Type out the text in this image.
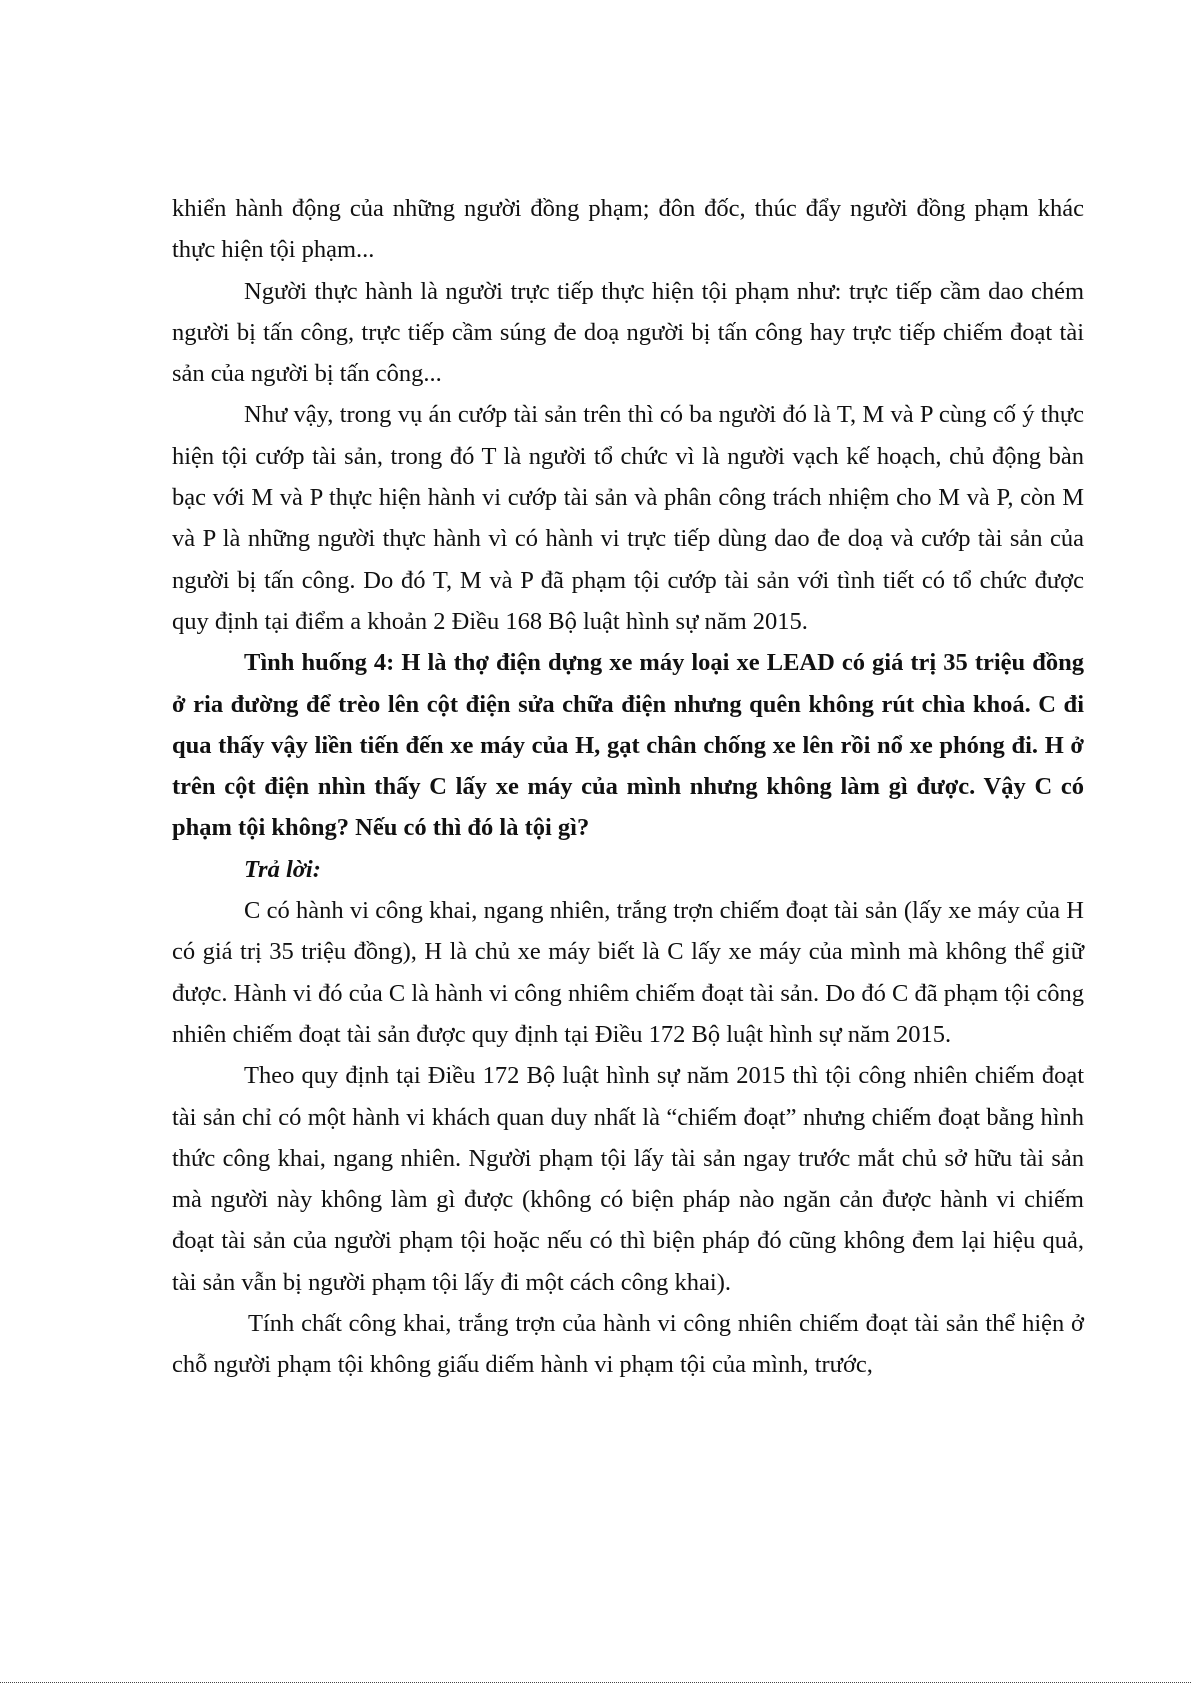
khiển hành động của những người đồng phạm; đôn đốc, thúc đẩy người đồng phạm khác thực hiện tội phạm...

Người thực hành là người trực tiếp thực hiện tội phạm như: trực tiếp cầm dao chém người bị tấn công, trực tiếp cầm súng đe doạ người bị tấn công hay trực tiếp chiếm đoạt tài sản của người bị tấn công...

Như vậy, trong vụ án cướp tài sản trên thì có ba người đó là T, M và P cùng cố ý thực hiện tội cướp tài sản, trong đó T là người tổ chức vì là người vạch kế hoạch, chủ động bàn bạc với M và P thực hiện hành vi cướp tài sản và phân công trách nhiệm cho M và P, còn M và P là những người thực hành vì có hành vi trực tiếp dùng dao đe doạ và cướp tài sản của người bị tấn công. Do đó T, M và P đã phạm tội cướp tài sản với tình tiết có tổ chức được quy định tại điểm a khoản 2 Điều 168 Bộ luật hình sự năm 2015.

Tình huống 4: H là thợ điện dựng xe máy loại xe LEAD có giá trị 35 triệu đồng ở ria đường để trèo lên cột điện sửa chữa điện nhưng quên không rút chìa khoá. C đi qua thấy vậy liền tiến đến xe máy của H, gạt chân chống xe lên rồi nổ xe phóng đi. H ở trên cột điện nhìn thấy C lấy xe máy của mình nhưng không làm gì được. Vậy C có phạm tội không? Nếu có thì đó là tội gì?

Trả lời:

C có hành vi công khai, ngang nhiên, trắng trợn chiếm đoạt tài sản (lấy xe máy của H có giá trị 35 triệu đồng), H là chủ xe máy biết là C lấy xe máy của mình mà không thể giữ được. Hành vi đó của C là hành vi công nhiêm chiếm đoạt tài sản. Do đó C đã phạm tội công nhiên chiếm đoạt tài sản được quy định tại Điều 172 Bộ luật hình sự năm 2015.

Theo quy định tại Điều 172 Bộ luật hình sự năm 2015 thì tội công nhiên chiếm đoạt tài sản chỉ có một hành vi khách quan duy nhất là “chiếm đoạt” nhưng chiếm đoạt bằng hình thức công khai, ngang nhiên. Người phạm tội lấy tài sản ngay trước mắt chủ sở hữu tài sản mà người này không làm gì được (không có biện pháp nào ngăn cản được hành vi chiếm đoạt tài sản của người phạm tội hoặc nếu có thì biện pháp đó cũng không đem lại hiệu quả, tài sản vẫn bị người phạm tội lấy đi một cách công khai).

Tính chất công khai, trắng trợn của hành vi công nhiên chiếm đoạt tài sản thể hiện ở chỗ người phạm tội không giấu diếm hành vi phạm tội của mình, trước,
